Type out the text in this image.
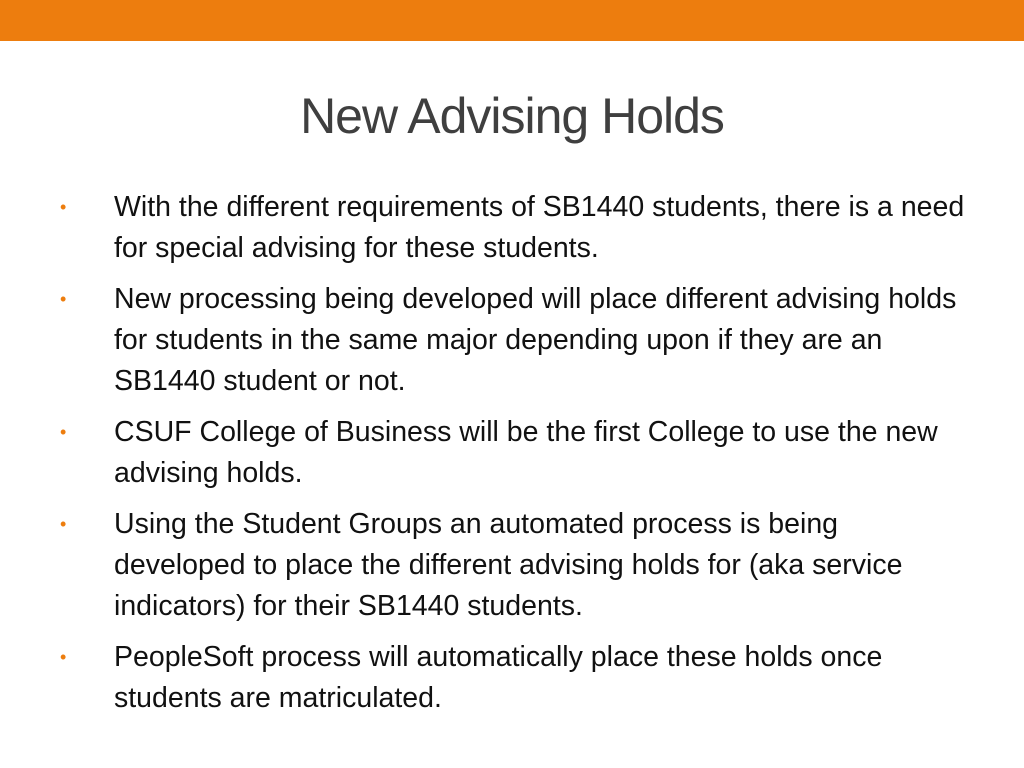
New Advising Holds
•	With the different requirements of SB1440 students, there is a need for special advising for these students.
•	New processing being developed will place different advising holds for students in the same major depending upon if they are an SB1440 student or not.
•	CSUF College of Business will be the first College to use the new advising holds.
•	Using the Student Groups an automated process is being developed to place the different advising holds for (aka service indicators) for their SB1440 students.
•	PeopleSoft process will automatically place these holds once students are matriculated.
